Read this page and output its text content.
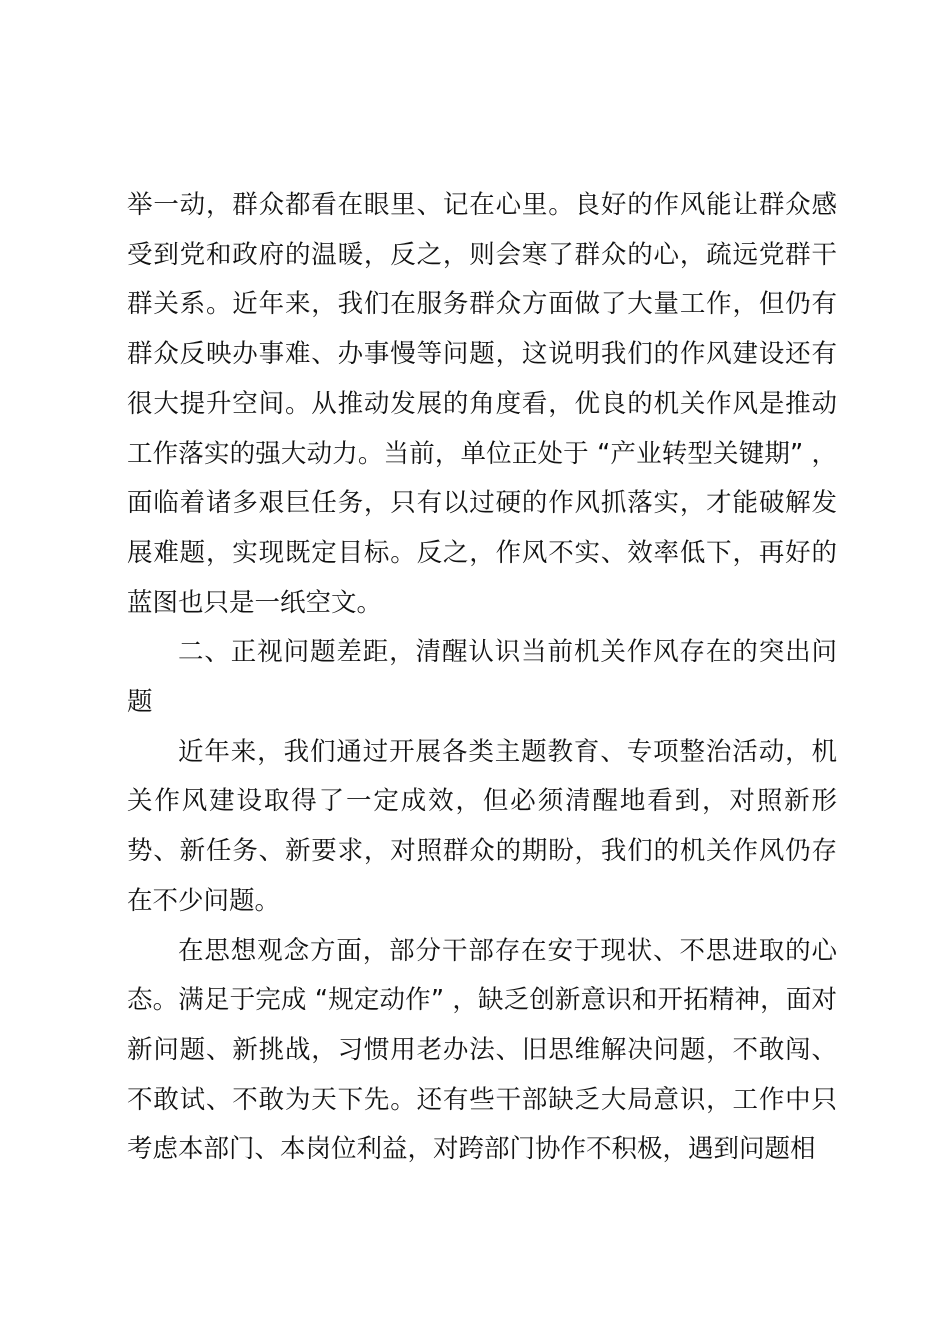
举一动，群众都看在眼里、记在心里。良好的作风能让群众感受到党和政府的温暖，反之，则会寒了群众的心，疏远党群干群关系。近年来，我们在服务群众方面做了大量工作，但仍有群众反映办事难、办事慢等问题，这说明我们的作风建设还有很大提升空间。从推动发展的角度看，优良的机关作风是推动工作落实的强大动力。当前，单位正处于 “产业转型关键期” ，面临着诸多艰巨任务，只有以过硬的作风抓落实，才能破解发展难题，实现既定目标。反之，作风不实、效率低下，再好的蓝图也只是一纸空文。

二、正视问题差距，清醒认识当前机关作风存在的突出问题

近年来，我们通过开展各类主题教育、专项整治活动，机关作风建设取得了一定成效，但必须清醒地看到，对照新形势、新任务、新要求，对照群众的期盼，我们的机关作风仍存在不少问题。

在思想观念方面，部分干部存在安于现状、不思进取的心态。满足于完成 “规定动作” ，缺乏创新意识和开拓精神，面对新问题、新挑战，习惯用老办法、旧思维解决问题，不敢闯、不敢试、不敢为天下先。还有些干部缺乏大局意识，工作中只考虑本部门、本岗位利益，对跨部门协作不积极，遇到问题相
